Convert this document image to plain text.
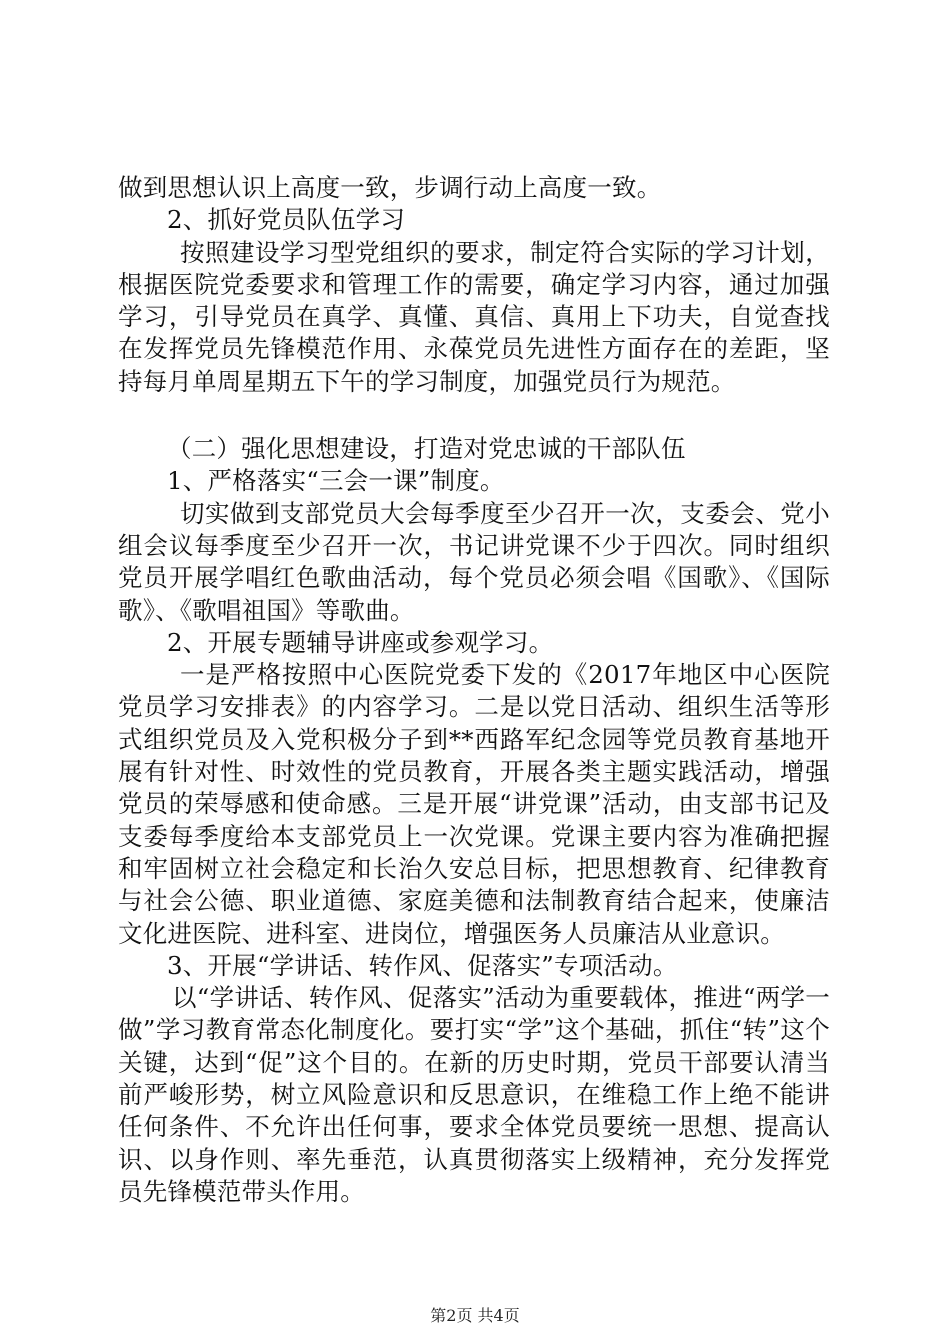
做到思想认识上高度一致，步调行动上高度一致。

2、抓好党员队伍学习

按照建设学习型党组织的要求，制定符合实际的学习计划，根据医院党委要求和管理工作的需要，确定学习内容，通过加强学习，引导党员在真学、真懂、真信、真用上下功夫，自觉查找在发挥党员先锋模范作用、永葆党员先进性方面存在的差距，坚持每月单周星期五下午的学习制度，加强党员行为规范。

（二）强化思想建设，打造对党忠诚的干部队伍

1、严格落实“三会一课”制度。

切实做到支部党员大会每季度至少召开一次，支委会、党小组会议每季度至少召开一次，书记讲党课不少于四次。同时组织党员开展学唱红色歌曲活动，每个党员必须会唱《国歌》、《国际歌》、《歌唱祖国》等歌曲。

2、开展专题辅导讲座或参观学习。

一是严格按照中心医院党委下发的《2017年地区中心医院党员学习安排表》的内容学习。二是以党日活动、组织生活等形式组织党员及入党积极分子到**西路军纪念园等党员教育基地开展有针对性、时效性的党员教育，开展各类主题实践活动，增强党员的荣辱感和使命感。三是开展“讲党课”活动，由支部书记及支委每季度给本支部党员上一次党课。党课主要内容为准确把握和牢固树立社会稳定和长治久安总目标，把思想教育、纪律教育与社会公德、职业道德、家庭美德和法制教育结合起来，使廉洁文化进医院、进科室、进岗位，增强医务人员廉洁从业意识。

3、开展“学讲话、转作风、促落实”专项活动。

以“学讲话、转作风、促落实”活动为重要载体，推进“两学一做”学习教育常态化制度化。要打实“学”这个基础，抓住“转”这个关键，达到“促”这个目的。在新的历史时期，党员干部要认清当前严峻形势，树立风险意识和反思意识，在维稳工作上绝不能讲任何条件、不允许出任何事，要求全体党员要统一思想、提高认识、以身作则、率先垂范，认真贯彻落实上级精神，充分发挥党员先锋模范带头作用。

第2页 共4页
